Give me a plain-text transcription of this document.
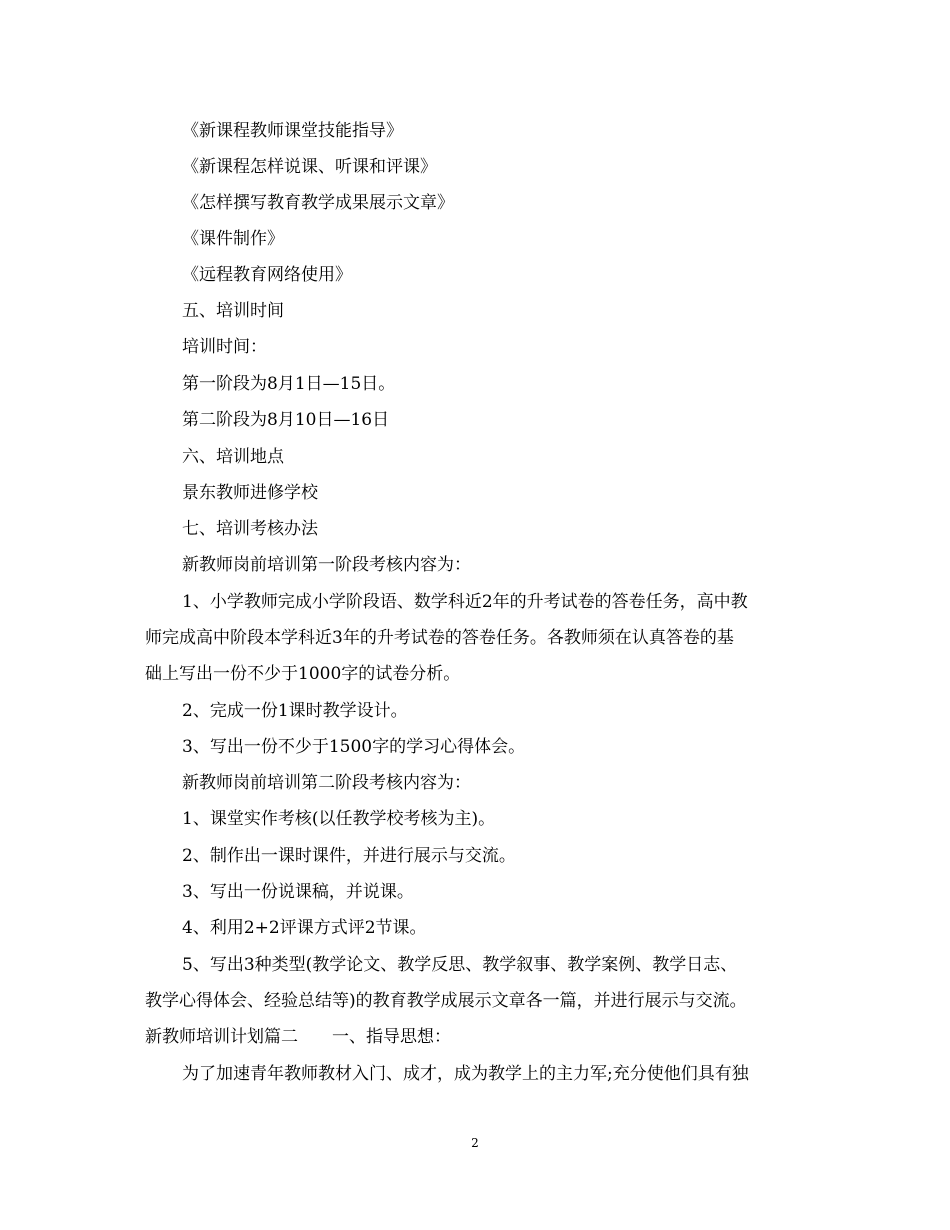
《新课程教师课堂技能指导》
《新课程怎样说课、听课和评课》
《怎样撰写教育教学成果展示文章》
《课件制作》
《远程教育网络使用》
五、培训时间
培训时间：
第一阶段为8月1日—15日。
第二阶段为8月10日—16日
六、培训地点
景东教师进修学校
七、培训考核办法
新教师岗前培训第一阶段考核内容为：
1、小学教师完成小学阶段语、数学科近2年的升考试卷的答卷任务，高中教
师完成高中阶段本学科近3年的升考试卷的答卷任务。各教师须在认真答卷的基
础上写出一份不少于1000字的试卷分析。
2、完成一份1课时教学设计。
3、写出一份不少于1500字的学习心得体会。
新教师岗前培训第二阶段考核内容为：
1、课堂实作考核(以任教学校考核为主)。
2、制作出一课时课件，并进行展示与交流。
3、写出一份说课稿，并说课。
4、利用2+2评课方式评2节课。
5、写出3种类型(教学论文、教学反思、教学叙事、教学案例、教学日志、
教学心得体会、经验总结等)的教育教学成展示文章各一篇，并进行展示与交流。
新教师培训计划篇二　　一、指导思想：
为了加速青年教师教材入门、成才，成为教学上的主力军;充分使他们具有独
2
